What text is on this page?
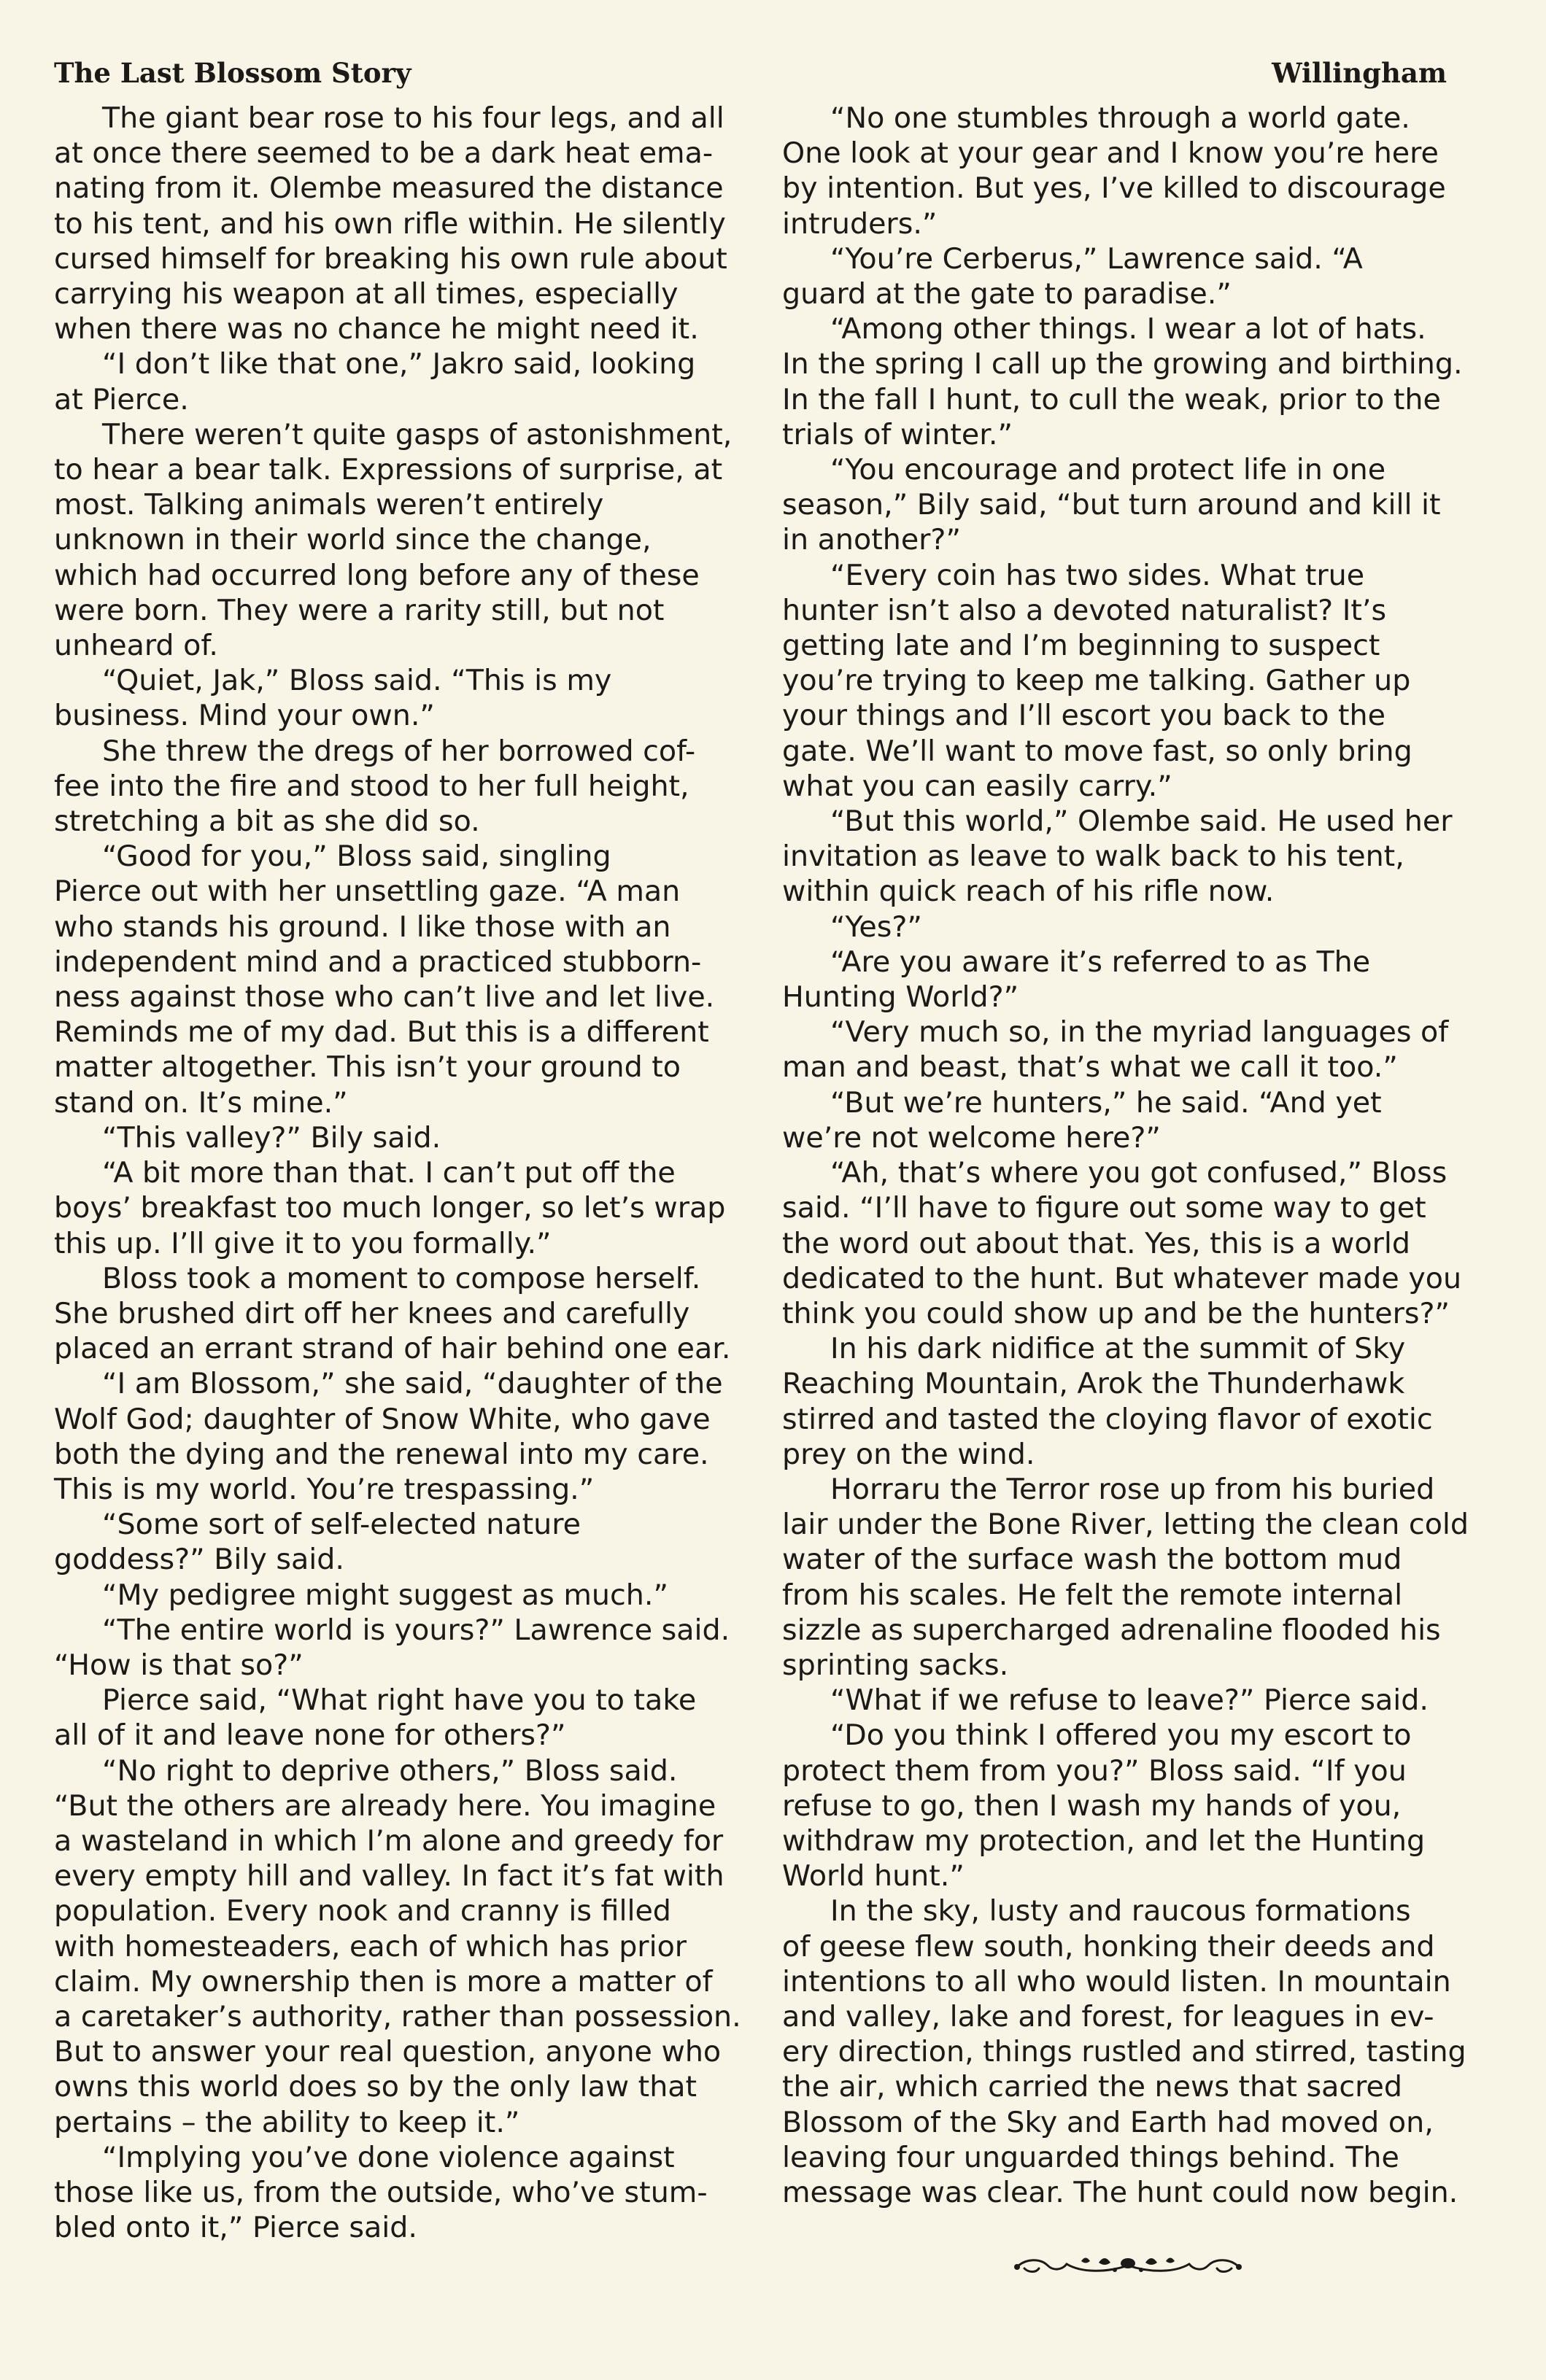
The Last Blossom Story	Willingham

The giant bear rose to his four legs, and all
at once there seemed to be a dark heat ema-
nating from it. Olembe measured the distance
to his tent, and his own rifle within. He silently
cursed himself for breaking his own rule about
carrying his weapon at all times, especially
when there was no chance he might need it.

“I don’t like that one,” Jakro said, looking
at Pierce.

There weren’t quite gasps of astonishment,
to hear a bear talk. Expressions of surprise, at
most. Talking animals weren’t entirely
unknown in their world since the change,
which had occurred long before any of these
were born. They were a rarity still, but not
unheard of.

“Quiet, Jak,” Bloss said. “This is my
business. Mind your own.”

She threw the dregs of her borrowed cof-
fee into the fire and stood to her full height,
stretching a bit as she did so.

“Good for you,” Bloss said, singling
Pierce out with her unsettling gaze. “A man
who stands his ground. I like those with an
independent mind and a practiced stubborn-
ness against those who can’t live and let live.
Reminds me of my dad. But this is a different
matter altogether. This isn’t your ground to
stand on. It’s mine.”

“This valley?” Bily said.

“A bit more than that. I can’t put off the
boys’ breakfast too much longer, so let’s wrap
this up. I’ll give it to you formally.”

Bloss took a moment to compose herself.
She brushed dirt off her knees and carefully
placed an errant strand of hair behind one ear.

“I am Blossom,” she said, “daughter of the
Wolf God; daughter of Snow White, who gave
both the dying and the renewal into my care.
This is my world. You’re trespassing.”

“Some sort of self-elected nature
goddess?” Bily said.

“My pedigree might suggest as much.”

“The entire world is yours?” Lawrence said.
“How is that so?”

Pierce said, “What right have you to take
all of it and leave none for others?”

“No right to deprive others,” Bloss said.
“But the others are already here. You imagine
a wasteland in which I’m alone and greedy for
every empty hill and valley. In fact it’s fat with
population. Every nook and cranny is filled
with homesteaders, each of which has prior
claim. My ownership then is more a matter of
a caretaker’s authority, rather than possession.
But to answer your real question, anyone who
owns this world does so by the only law that
pertains – the ability to keep it.”

“Implying you’ve done violence against
those like us, from the outside, who’ve stum-
bled onto it,” Pierce said.

“No one stumbles through a world gate.
One look at your gear and I know you’re here
by intention. But yes, I’ve killed to discourage
intruders.”

“You’re Cerberus,” Lawrence said. “A
guard at the gate to paradise.”

“Among other things. I wear a lot of hats.
In the spring I call up the growing and birthing.
In the fall I hunt, to cull the weak, prior to the
trials of winter.”

“You encourage and protect life in one
season,” Bily said, “but turn around and kill it
in another?”

“Every coin has two sides. What true
hunter isn’t also a devoted naturalist? It’s
getting late and I’m beginning to suspect
you’re trying to keep me talking. Gather up
your things and I’ll escort you back to the
gate. We’ll want to move fast, so only bring
what you can easily carry.”

“But this world,” Olembe said. He used her
invitation as leave to walk back to his tent,
within quick reach of his rifle now.

“Yes?”

“Are you aware it’s referred to as The
Hunting World?”

“Very much so, in the myriad languages of
man and beast, that’s what we call it too.”

“But we’re hunters,” he said. “And yet
we’re not welcome here?”

“Ah, that’s where you got confused,” Bloss
said. “I’ll have to figure out some way to get
the word out about that. Yes, this is a world
dedicated to the hunt. But whatever made you
think you could show up and be the hunters?”

In his dark nidifice at the summit of Sky
Reaching Mountain, Arok the Thunderhawk
stirred and tasted the cloying flavor of exotic
prey on the wind.

Horraru the Terror rose up from his buried
lair under the Bone River, letting the clean cold
water of the surface wash the bottom mud
from his scales. He felt the remote internal
sizzle as supercharged adrenaline flooded his
sprinting sacks.

“What if we refuse to leave?” Pierce said.

“Do you think I offered you my escort to
protect them from you?” Bloss said. “If you
refuse to go, then I wash my hands of you,
withdraw my protection, and let the Hunting
World hunt.”

In the sky, lusty and raucous formations
of geese flew south, honking their deeds and
intentions to all who would listen. In mountain
and valley, lake and forest, for leagues in ev-
ery direction, things rustled and stirred, tasting
the air, which carried the news that sacred
Blossom of the Sky and Earth had moved on,
leaving four unguarded things behind. The
message was clear. The hunt could now begin.
